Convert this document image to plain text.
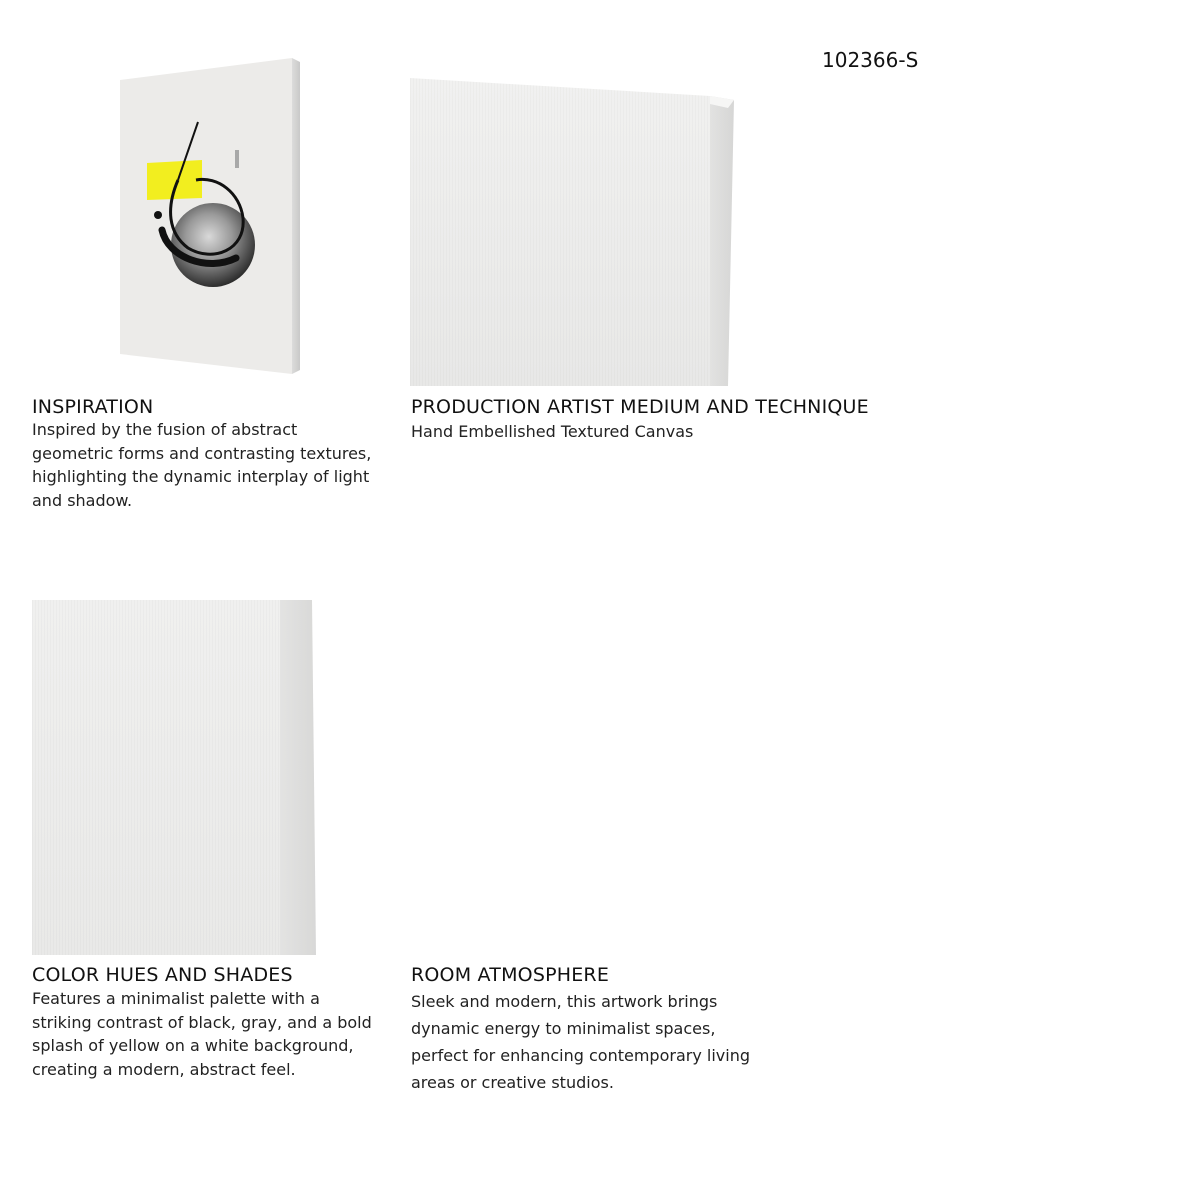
102366-S
INSPIRATION
Inspired by the fusion of abstract geometric forms and contrasting textures, highlighting the dynamic interplay of light and shadow.
PRODUCTION ARTIST MEDIUM AND TECHNIQUE
Hand Embellished Textured Canvas
COLOR HUES AND SHADES
Features a minimalist palette with a striking contrast of black, gray, and a bold splash of yellow on a white background, creating a modern, abstract feel.
ROOM ATMOSPHERE
Sleek and modern, this artwork brings dynamic energy to minimalist spaces, perfect for enhancing contemporary living areas or creative studios.
